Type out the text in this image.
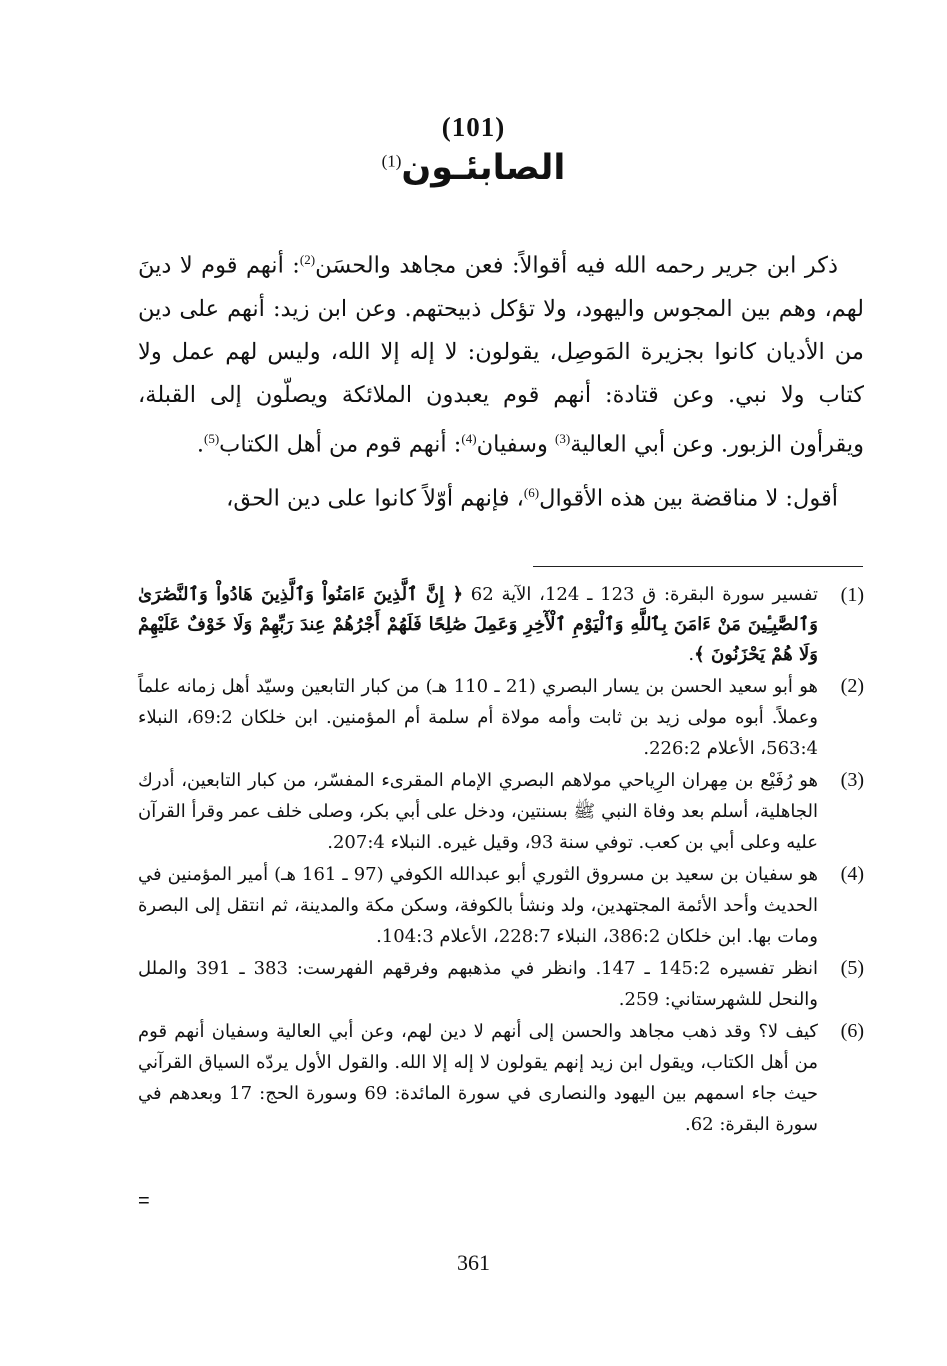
(101)
الصابئـون$^{(1)}$

ذكر ابن جرير رحمه الله فيه أقوالاً: فعن مجاهد والحسَن$^{(2)}$: أنهم قوم لا دينَ لهم، وهم بين المجوس واليهود، ولا تؤكل ذبيحتهم. وعن ابن زيد: أنهم على دين من الأديان كانوا بجزيرة المَوصِل، يقولون: لا إله إلا الله، وليس لهم عمل ولا كتاب ولا نبي. وعن قتادة: أنهم قوم يعبدون الملائكة ويصلّون إلى القبلة، ويقرأون الزبور. وعن أبي العالية$^{(3)}$ وسفيان$^{(4)}$: أنهم قوم من أهل الكتاب$^{(5)}$.

أقول: لا مناقضة بين هذه الأقوال$^{(6)}$، فإنهم أوّلاً كانوا على دين الحق،

(1)
تفسير سورة البقرة: ق 123 ـ 124، الآية 62 ﴿ إِنَّ ٱلَّذِينَ ءَامَنُواْ وَٱلَّذِينَ هَادُواْ وَٱلنَّصَٰرَىٰ وَٱلصَّٰبِـِٔينَ مَنْ ءَامَنَ بِٱللَّهِ وَٱلْيَوْمِ ٱلْأٓخِرِ وَعَمِلَ صَٰلِحًا فَلَهُمْ أَجْرُهُمْ عِندَ رَبِّهِمْ وَلَا خَوْفٌ عَلَيْهِمْ وَلَا هُمْ يَحْزَنُونَ ﴾.
(2)
هو أبو سعيد الحسن بن يسار البصري (21 ـ 110 هـ) من كبار التابعين وسيّد أهل زمانه علماً وعملاً. أبوه مولى زيد بن ثابت وأمه مولاة أم سلمة أم المؤمنين. ابن خلكان 69:2، النبلاء 563:4، الأعلام 226:2.
(3)
هو رُفَيْع بن مِهران الرِياحي مولاهم البصري الإمام المقرىء المفسّر، من كبار التابعين، أدرك الجاهلية، أسلم بعد وفاة النبي ﷺ بسنتين، ودخل على أبي بكر، وصلى خلف عمر وقرأ القرآن عليه وعلى أبي بن كعب. توفي سنة 93، وقيل غيره. النبلاء 207:4.
(4)
هو سفيان بن سعيد بن مسروق الثوري أبو عبدالله الكوفي (97 ـ 161 هـ) أمير المؤمنين في الحديث وأحد الأئمة المجتهدين، ولد ونشأ بالكوفة، وسكن مكة والمدينة، ثم انتقل إلى البصرة ومات بها. ابن خلكان 386:2، النبلاء 228:7، الأعلام 104:3.
(5)
انظر تفسيره 145:2 ـ 147. وانظر في مذهبهم وفرقهم الفهرست: 383 ـ 391 والملل والنحل للشهرستاني: 259.
(6)
كيف لا؟ وقد ذهب مجاهد والحسن إلى أنهم لا دين لهم، وعن أبي العالية وسفيان أنهم قوم من أهل الكتاب، ويقول ابن زيد إنهم يقولون لا إله إلا الله. والقول الأول يردّه السياق القرآني حيث جاء اسمهم بين اليهود والنصارى في سورة المائدة: 69 وسورة الحج: 17 وبعدهم في سورة البقرة: 62.
=
361
